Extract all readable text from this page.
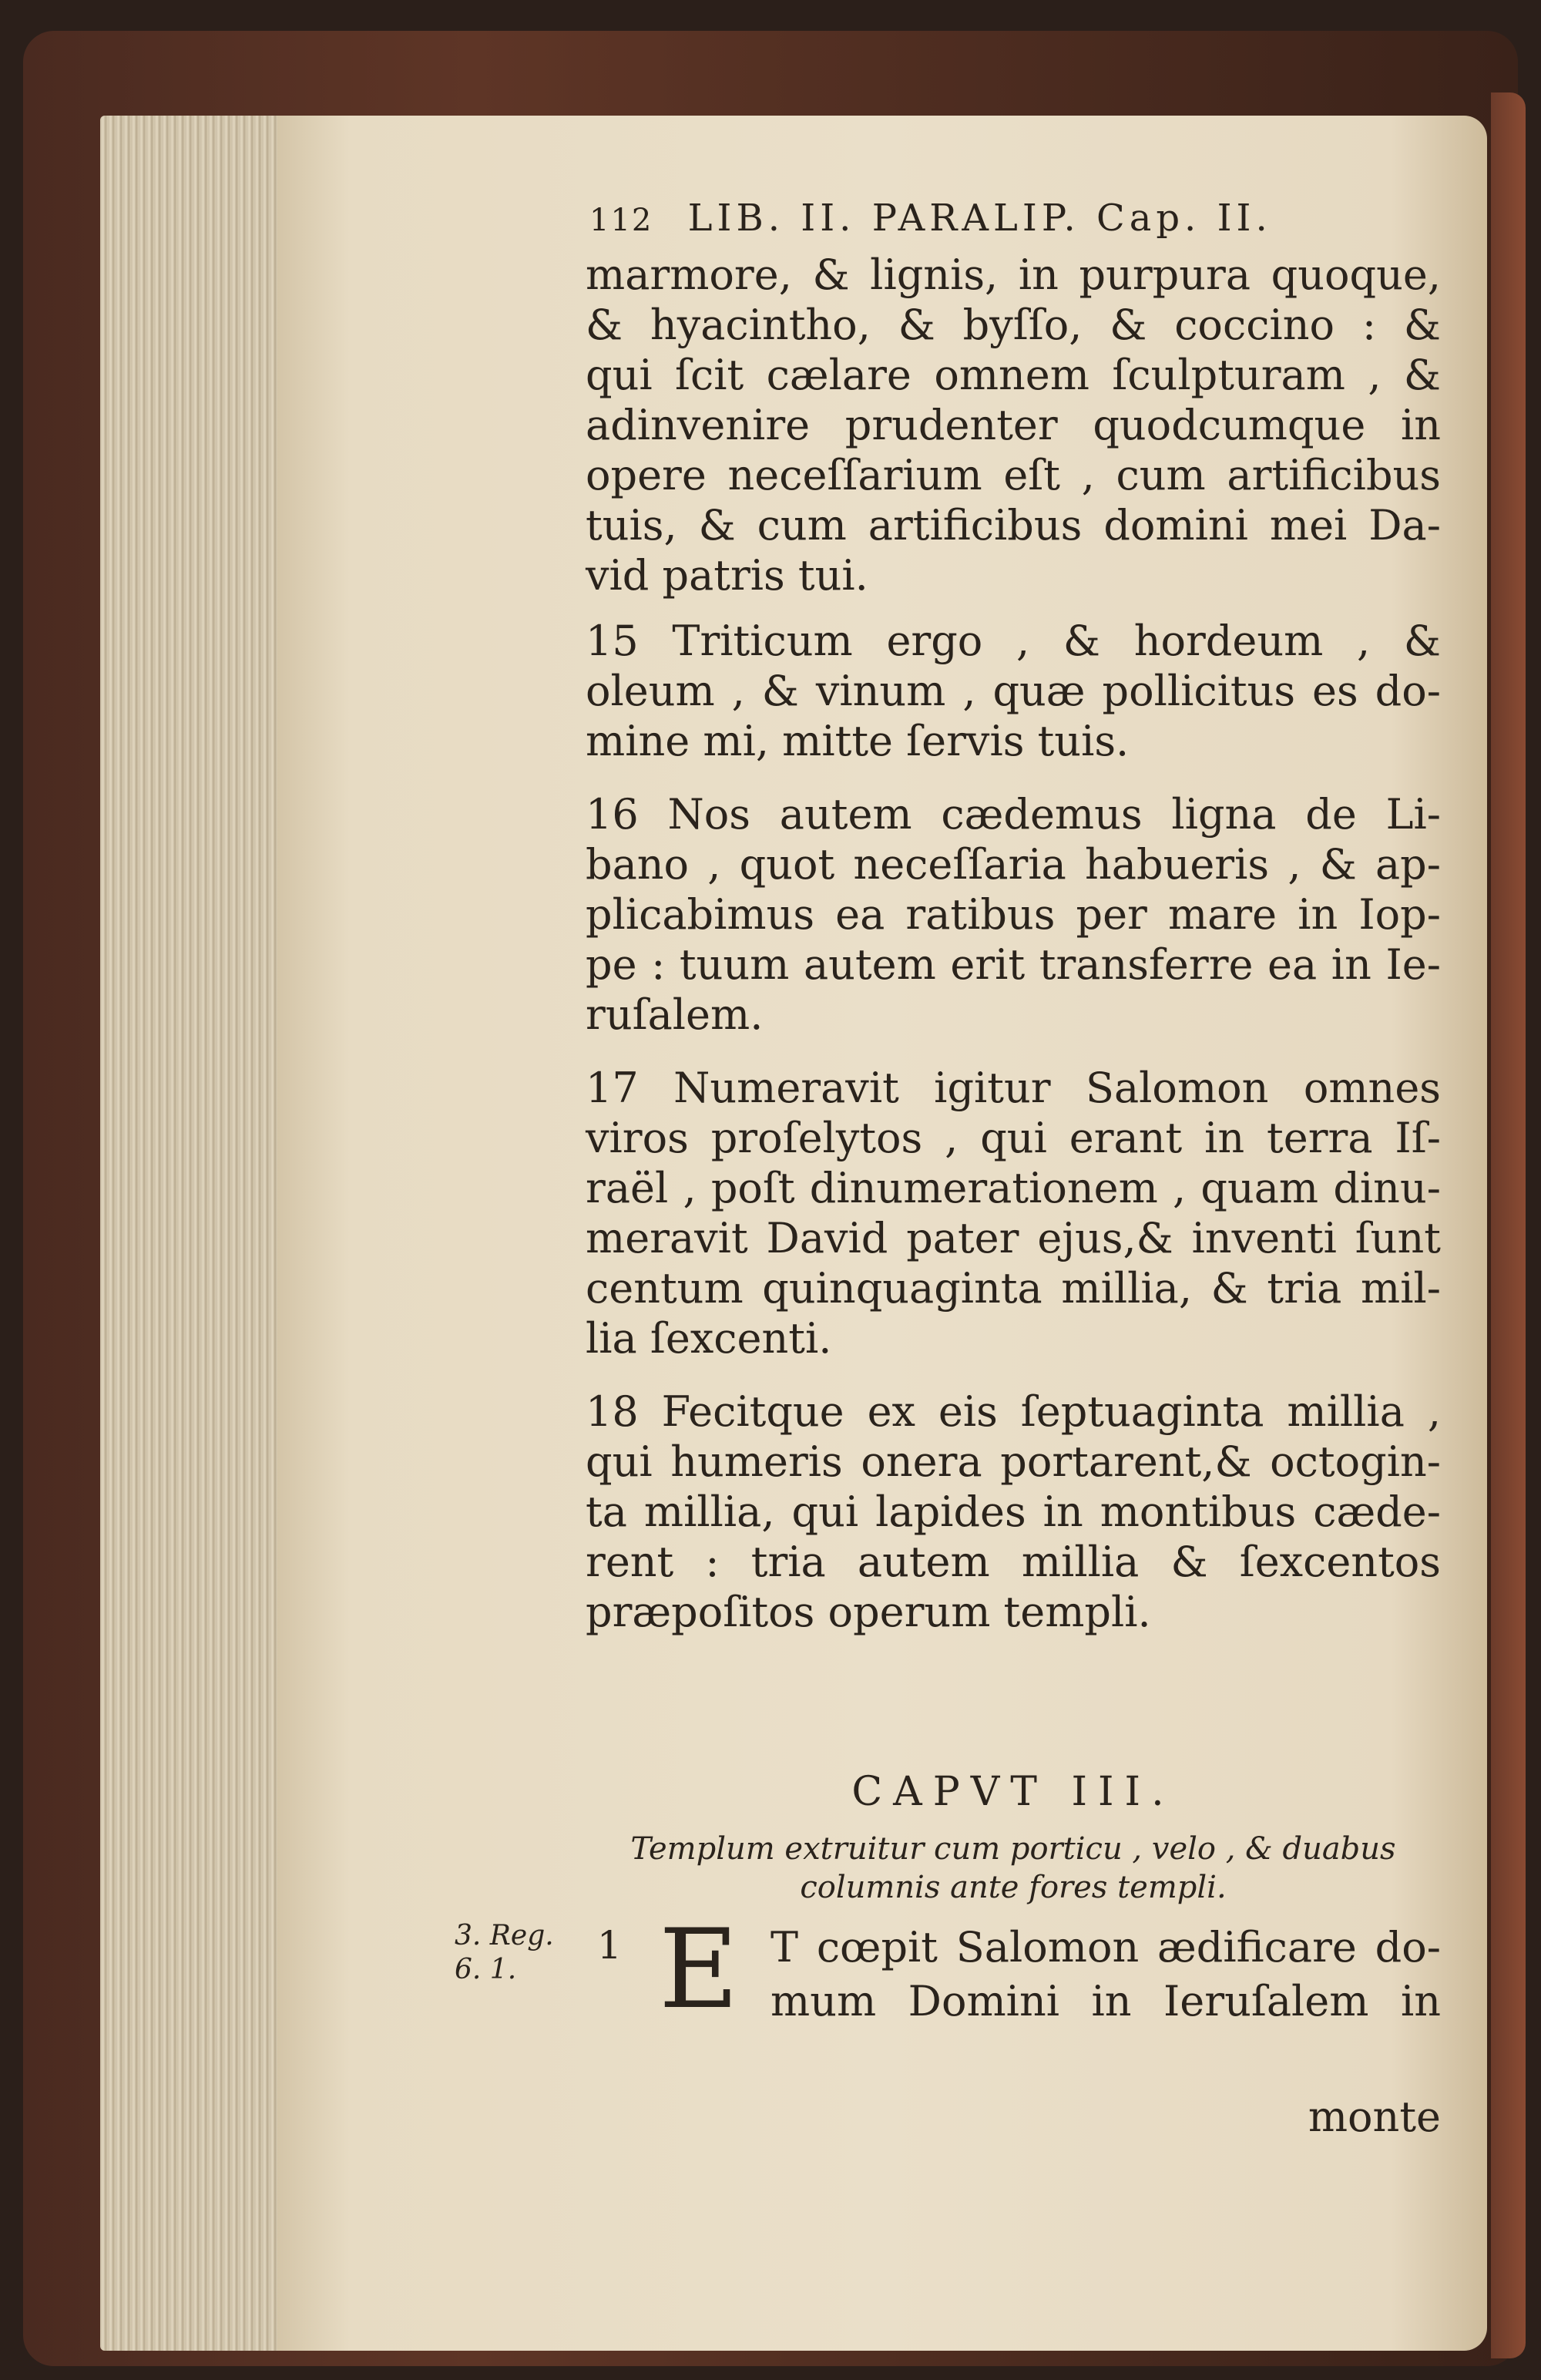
112 LIB. II. PARALIP. Cap. II.
marmore, & lignis, in purpura quoque,
& hyacintho, & byſſo, & coccino : &
qui ſcit cælare omnem ſculpturam , &
adinvenire prudenter quodcumque in
opere neceſſarium eſt , cum artificibus
tuis, & cum artificibus domini mei Da-
vid patris tui.
15 Triticum ergo , & hordeum , &
oleum , & vinum , quæ pollicitus es do-
mine mi, mitte ſervis tuis.
16 Nos autem cædemus ligna de Li-
bano , quot neceſſaria habueris , & ap-
plicabimus ea ratibus per mare in Iop-
pe : tuum autem erit transferre ea in Ie-
ruſalem.
17 Numeravit igitur Salomon omnes
viros proſelytos , qui erant in terra Iſ-
raël , poſt dinumerationem , quam dinu-
meravit David pater ejus,& inventi ſunt
centum quinquaginta millia, & tria mil-
lia ſexcenti.
18 Fecitque ex eis ſeptuaginta millia ,
qui humeris onera portarent,& octogin-
ta millia, qui lapides in montibus cæde-
rent : tria autem millia & ſexcentos
præpoſitos operum templi.
CAPVT III.
Templum extruitur cum porticu , velo , & duabus
columnis ante fores templi.
3. Reg.
6. 1.
1 E T cœpit Salomon ædificare do-
mum Domini in Ieruſalem in
monte
